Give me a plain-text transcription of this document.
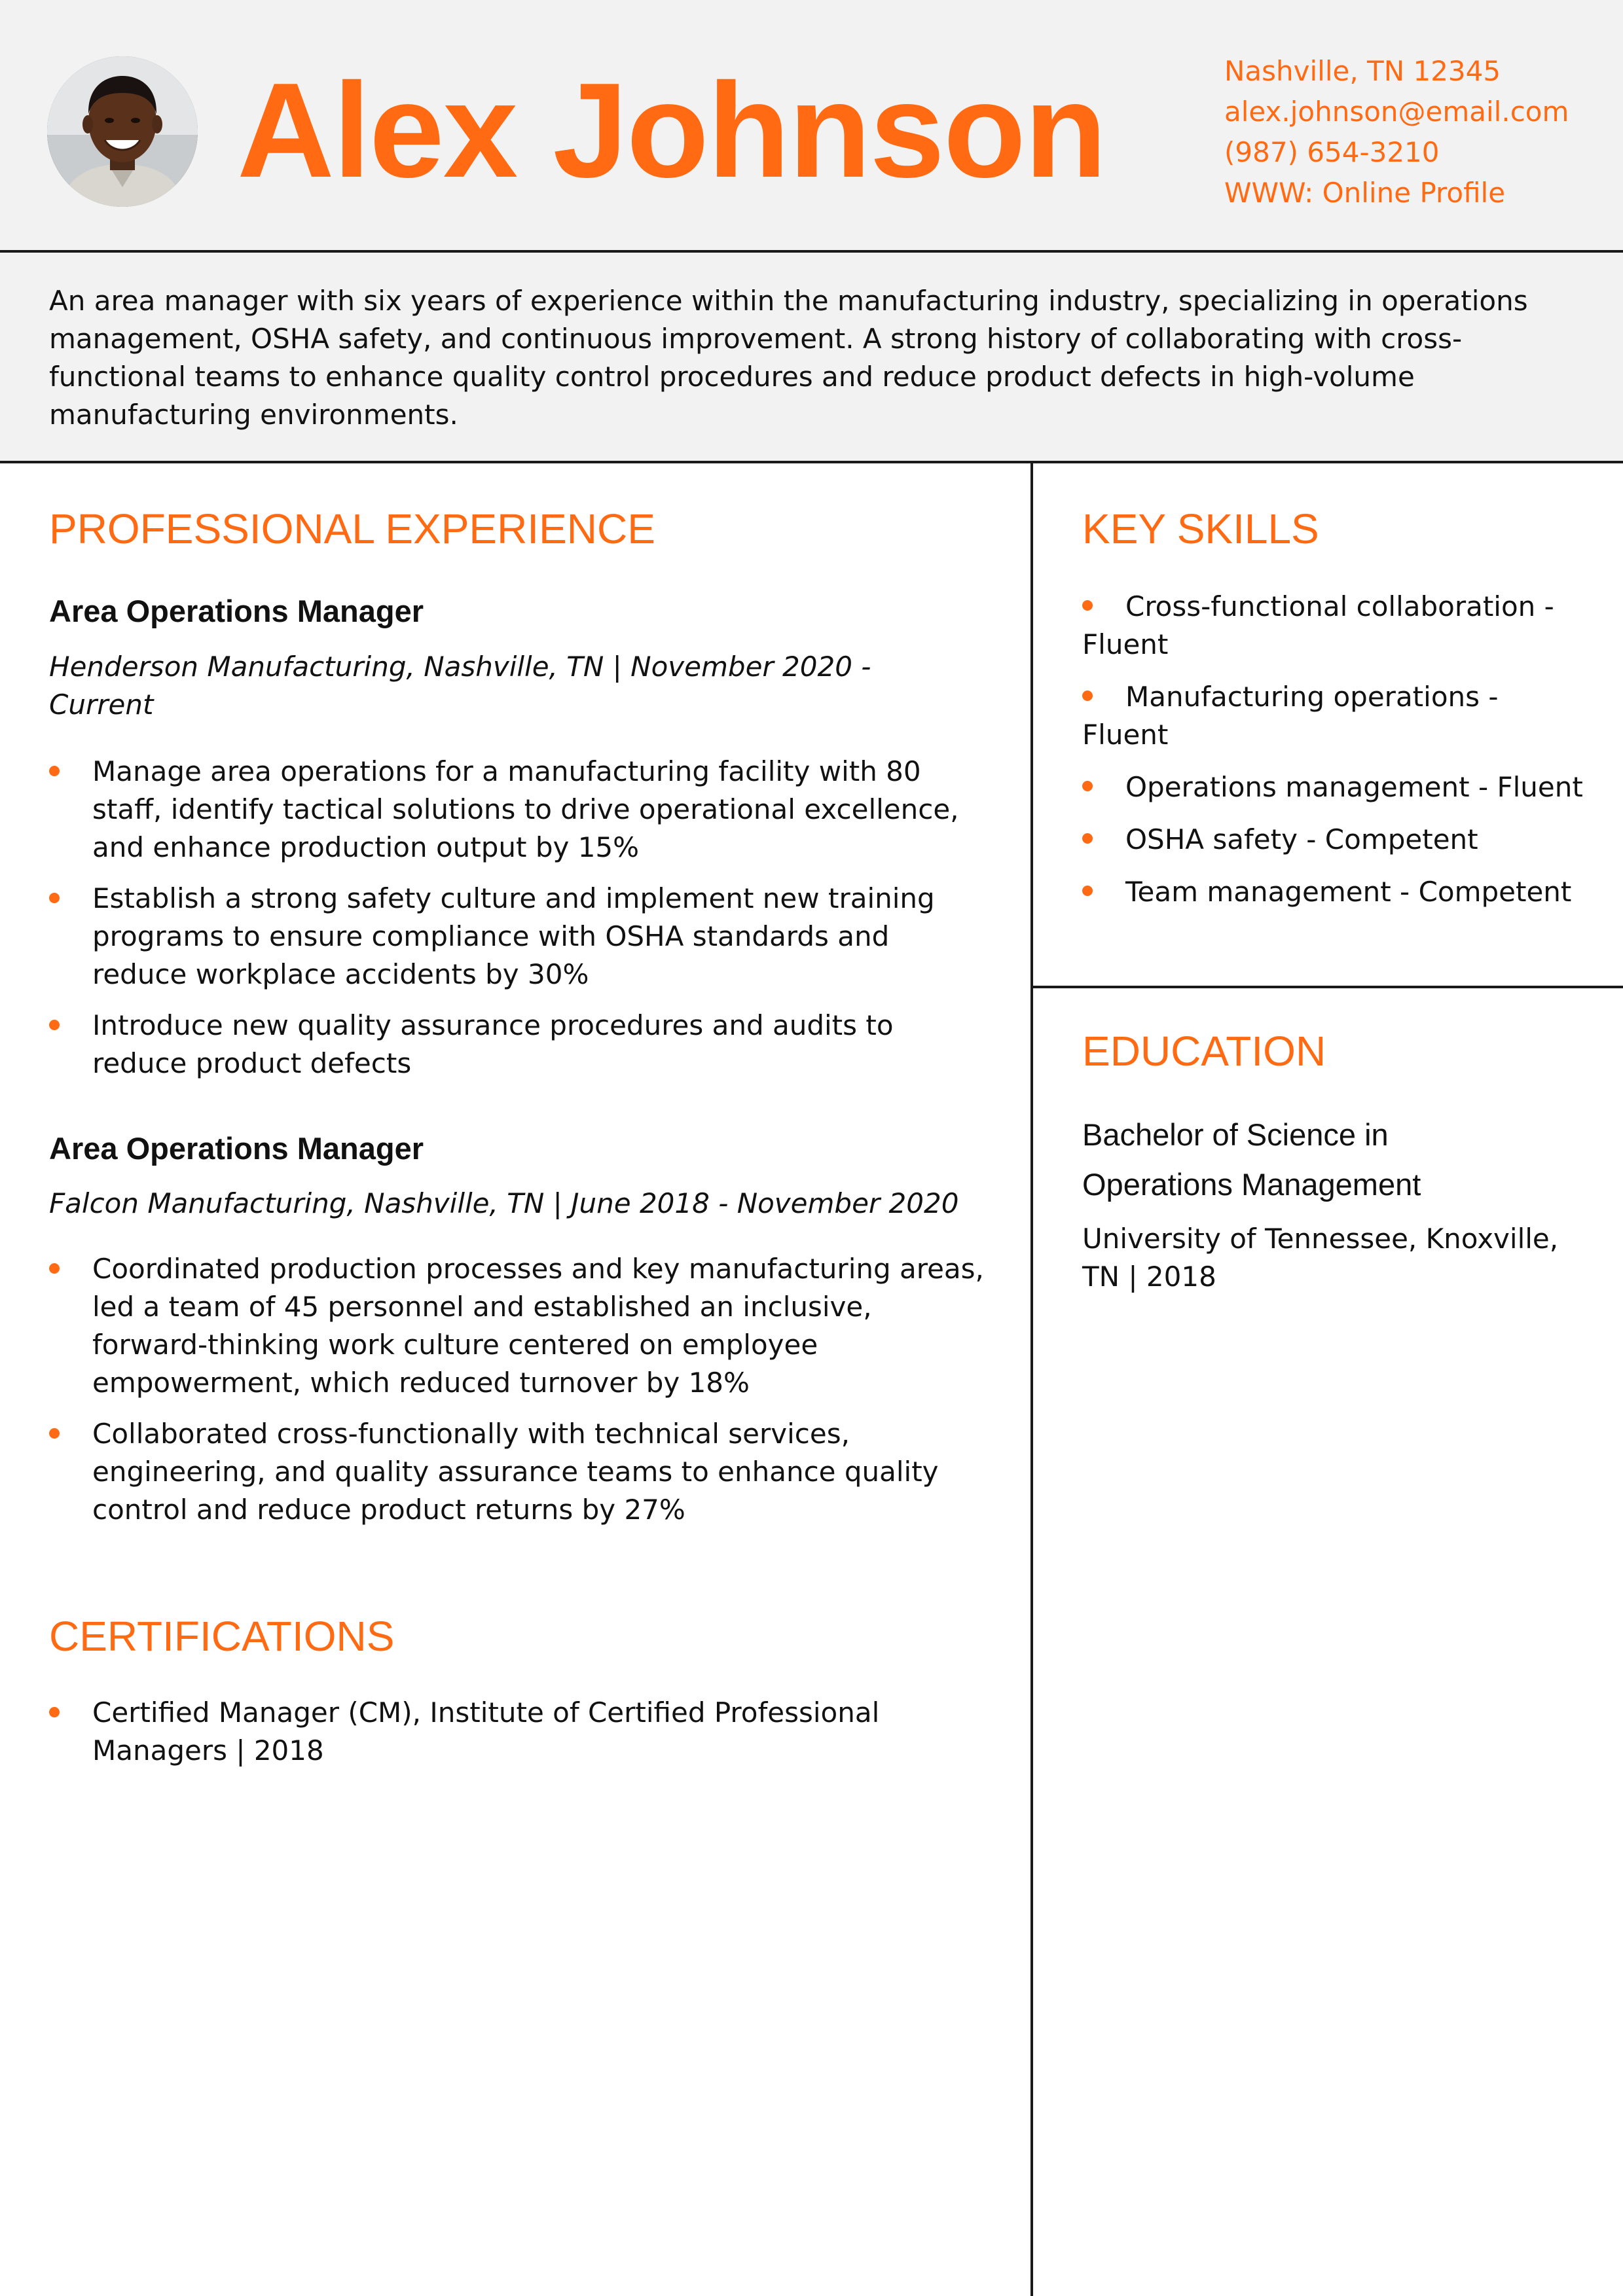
Alex Johnson	Nashville, TN 12345
alex.johnson@email.com
(987) 654-3210
WWW: Online Profile

An area manager with six years of experience within the manufacturing industry, specializing in operations management, OSHA safety, and continuous improvement. A strong history of collaborating with cross-functional teams to enhance quality control procedures and reduce product defects in high-volume manufacturing environments.

PROFESSIONAL EXPERIENCE
Area Operations Manager

Henderson Manufacturing, Nashville, TN | November 2020 - Current

Manage area operations for a manufacturing facility with 80 staff, identify tactical solutions to drive operational excellence, and enhance production output by 15%
Establish a strong safety culture and implement new training programs to ensure compliance with OSHA standards and reduce workplace accidents by 30%
Introduce new quality assurance procedures and audits to reduce product defects
Area Operations Manager

Falcon Manufacturing, Nashville, TN | June 2018 - November 2020

Coordinated production processes and key manufacturing areas, led a team of 45 personnel and established an inclusive, forward-thinking work culture centered on employee empowerment, which reduced turnover by 18%
Collaborated cross-functionally with technical services, engineering, and quality assurance teams to enhance quality control and reduce product returns by 27%
CERTIFICATIONS
Certified Manager (CM), Institute of Certified Professional Managers | 2018
KEY SKILLS
Cross-functional collaboration - Fluent
Manufacturing operations - Fluent
Operations management - Fluent
OSHA safety - Competent
Team management - Competent
EDUCATION

Bachelor of Science in Operations Management

University of Tennessee, Knoxville, TN | 2018
